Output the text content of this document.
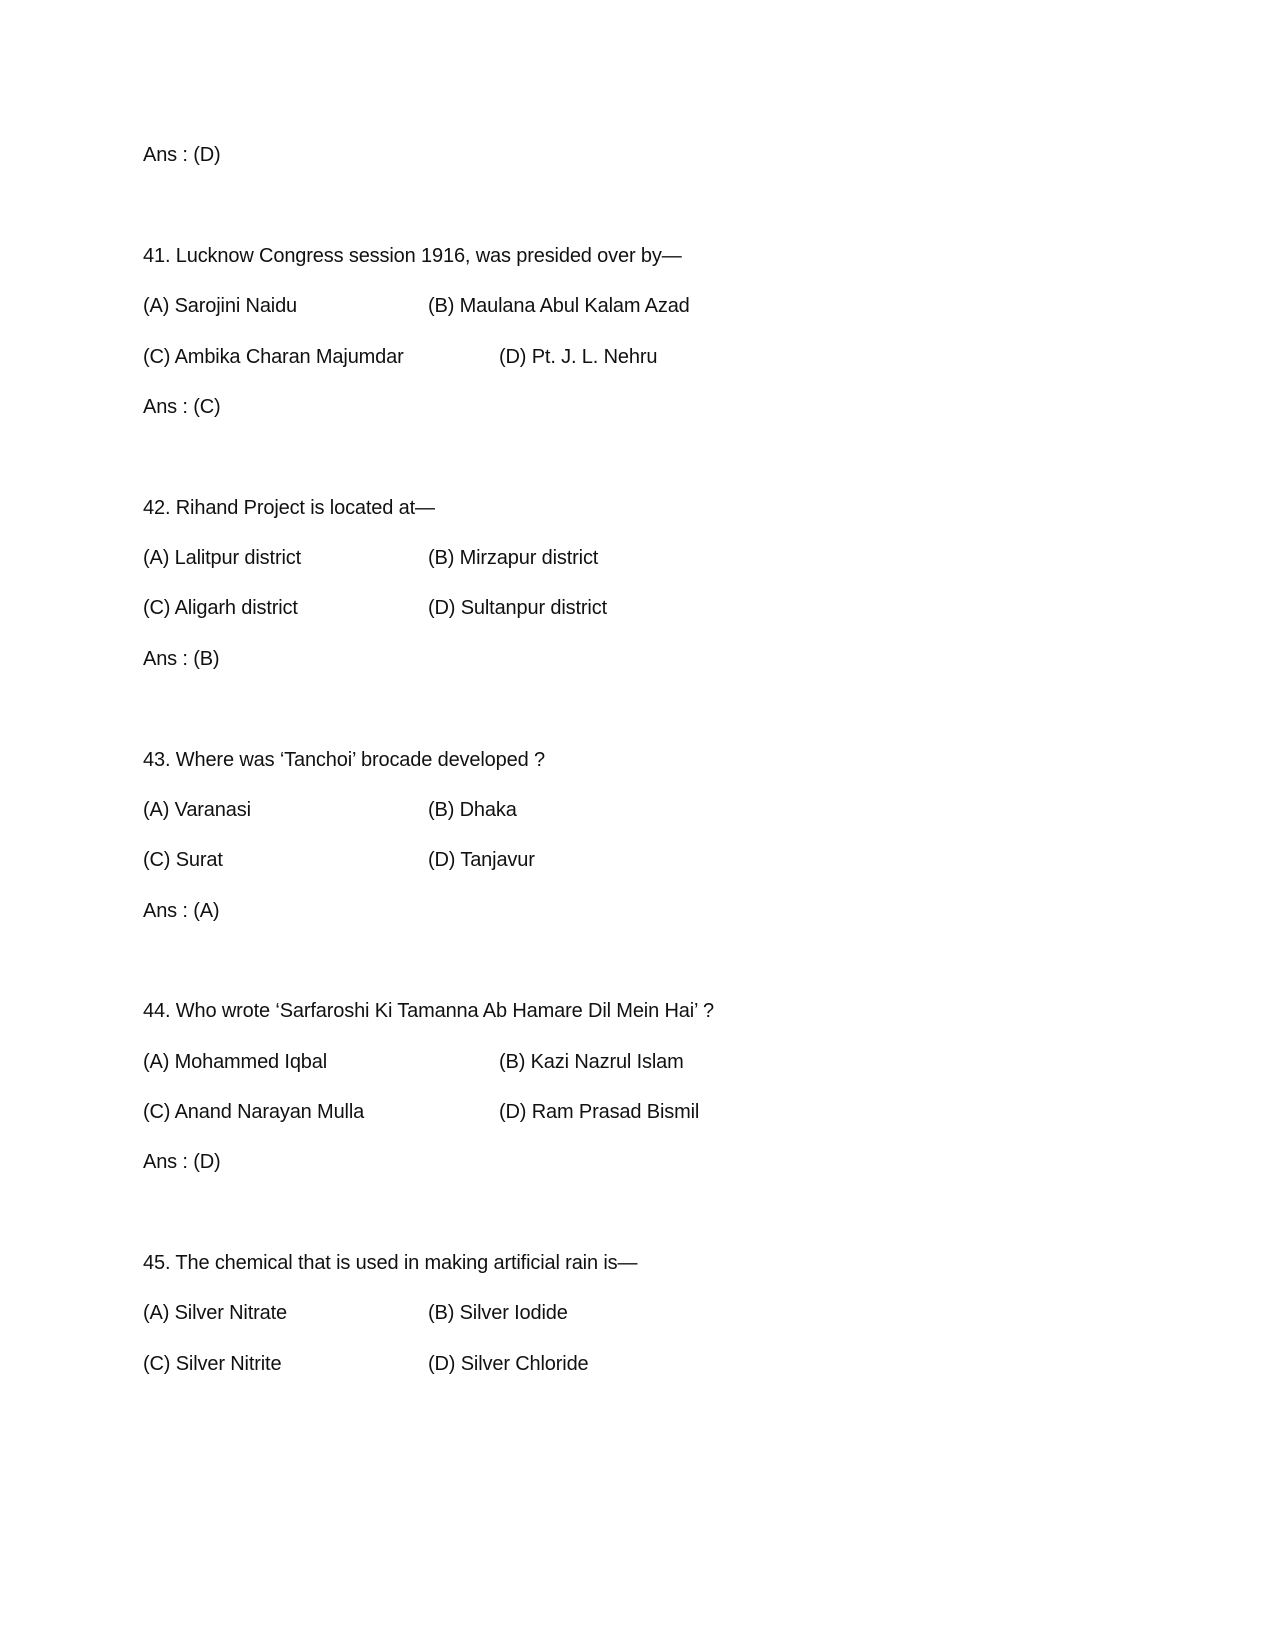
Ans : (D)
41. Lucknow Congress session 1916, was presided over by—
(A) Sarojini Naidu	(B) Maulana Abul Kalam Azad
(C) Ambika Charan Majumdar	(D) Pt. J. L. Nehru
Ans : (C)
42. Rihand Project is located at—
(A) Lalitpur district	(B) Mirzapur district
(C) Aligarh district	(D) Sultanpur district
Ans : (B)
43. Where was ‘Tanchoi’ brocade developed ?
(A) Varanasi	(B) Dhaka
(C) Surat	(D) Tanjavur
Ans : (A)
44. Who wrote ‘Sarfaroshi Ki Tamanna Ab Hamare Dil Mein Hai’ ?
(A) Mohammed Iqbal	(B) Kazi Nazrul Islam
(C) Anand Narayan Mulla	(D) Ram Prasad Bismil
Ans : (D)
45. The chemical that is used in making artificial rain is—
(A) Silver Nitrate	(B) Silver Iodide
(C) Silver Nitrite	(D) Silver Chloride
